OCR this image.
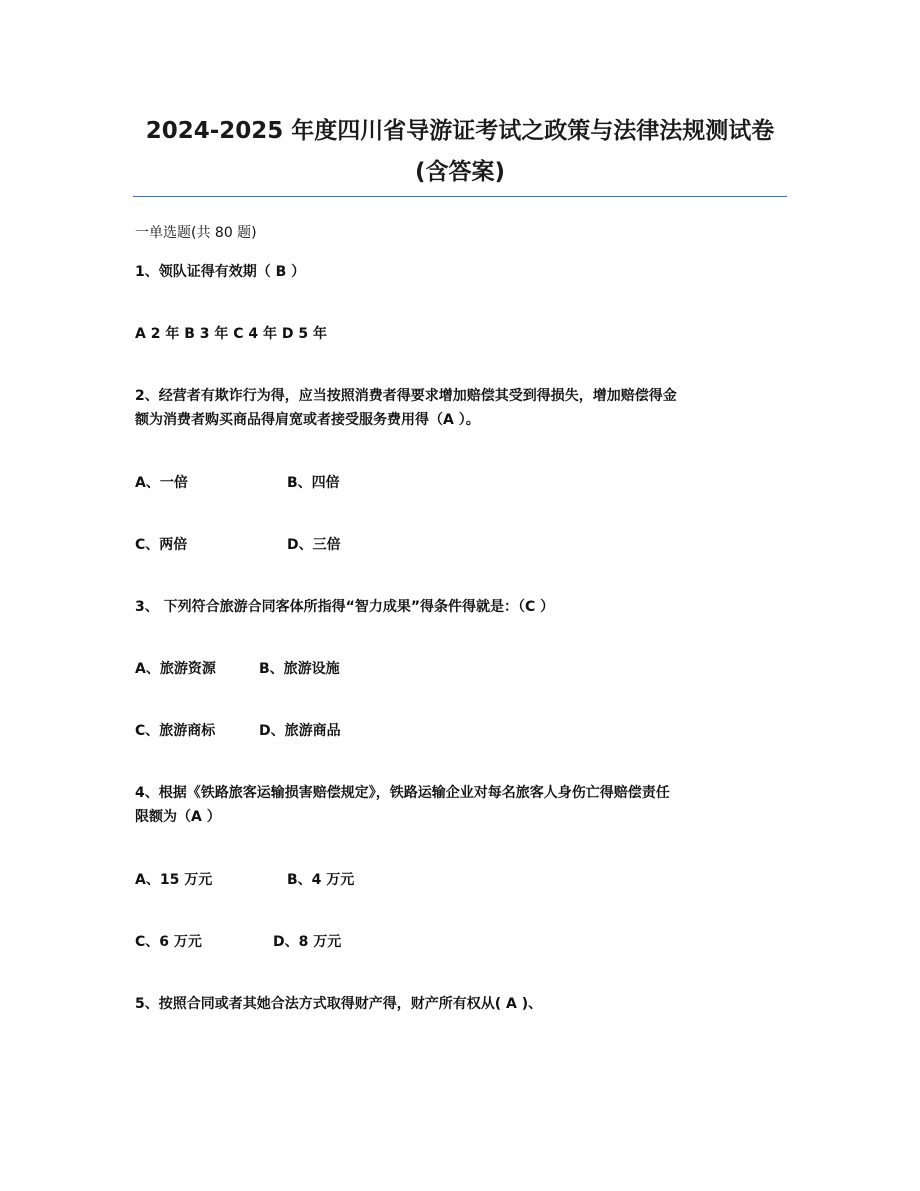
2024-2025 年度四川省导游证考试之政策与法律法规测试卷
(含答案)
一单选题(共 80 题)
1、领队证得有效期（ B ）
A 2 年 B 3 年 C 4 年 D 5 年
2、经营者有欺诈行为得，应当按照消费者得要求增加赔偿其受到得损失，增加赔偿得金
额为消费者购买商品得肩宽或者接受服务费用得（A ）。
A、一倍	B、四倍
C、两倍	D、三倍
3、 下列符合旅游合同客体所指得“智力成果”得条件得就是：（C ）
A、旅游资源	B、旅游设施
C、旅游商标	D、旅游商品
4、根据《铁路旅客运输损害赔偿规定》，铁路运输企业对每名旅客人身伤亡得赔偿责任
限额为（A ）
A、15 万元	B、4 万元
C、6 万元	D、8 万元
5、按照合同或者其她合法方式取得财产得，财产所有权从( A )、
